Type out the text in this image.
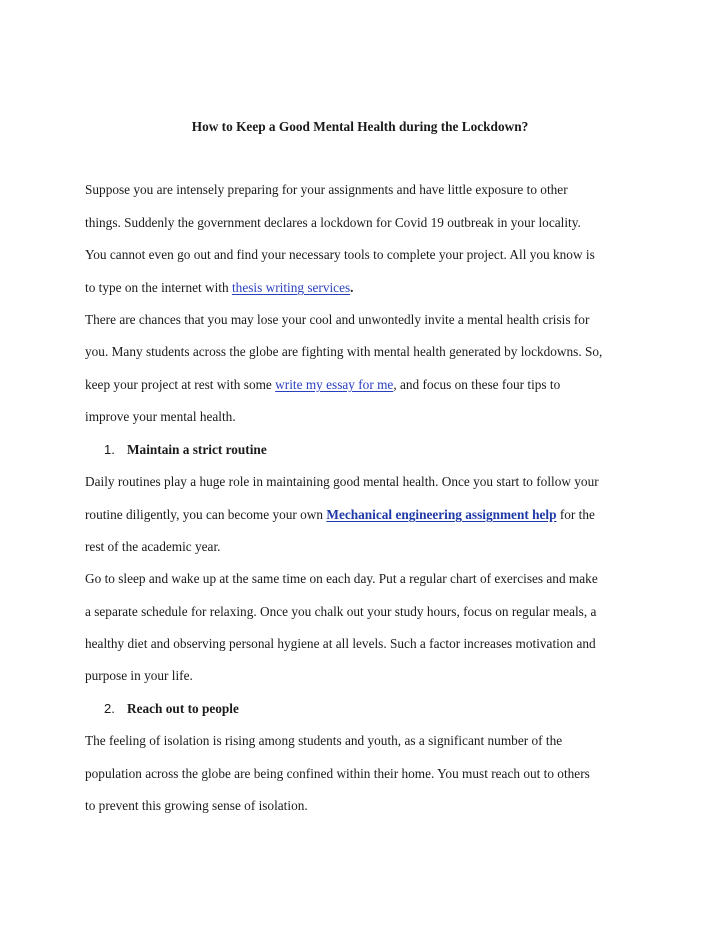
How to Keep a Good Mental Health during the Lockdown?
Suppose you are intensely preparing for your assignments and have little exposure to other
things. Suddenly the government declares a lockdown for Covid 19 outbreak in your locality.
You cannot even go out and find your necessary tools to complete your project. All you know is
to type on the internet with thesis writing services.
There are chances that you may lose your cool and unwontedly invite a mental health crisis for
you. Many students across the globe are fighting with mental health generated by lockdowns. So,
keep your project at rest with some write my essay for me, and focus on these four tips to
improve your mental health.
1. Maintain a strict routine
Daily routines play a huge role in maintaining good mental health. Once you start to follow your
routine diligently, you can become your own Mechanical engineering assignment help for the
rest of the academic year.
Go to sleep and wake up at the same time on each day. Put a regular chart of exercises and make
a separate schedule for relaxing. Once you chalk out your study hours, focus on regular meals, a
healthy diet and observing personal hygiene at all levels. Such a factor increases motivation and
purpose in your life.
2. Reach out to people
The feeling of isolation is rising among students and youth, as a significant number of the
population across the globe are being confined within their home. You must reach out to others
to prevent this growing sense of isolation.
